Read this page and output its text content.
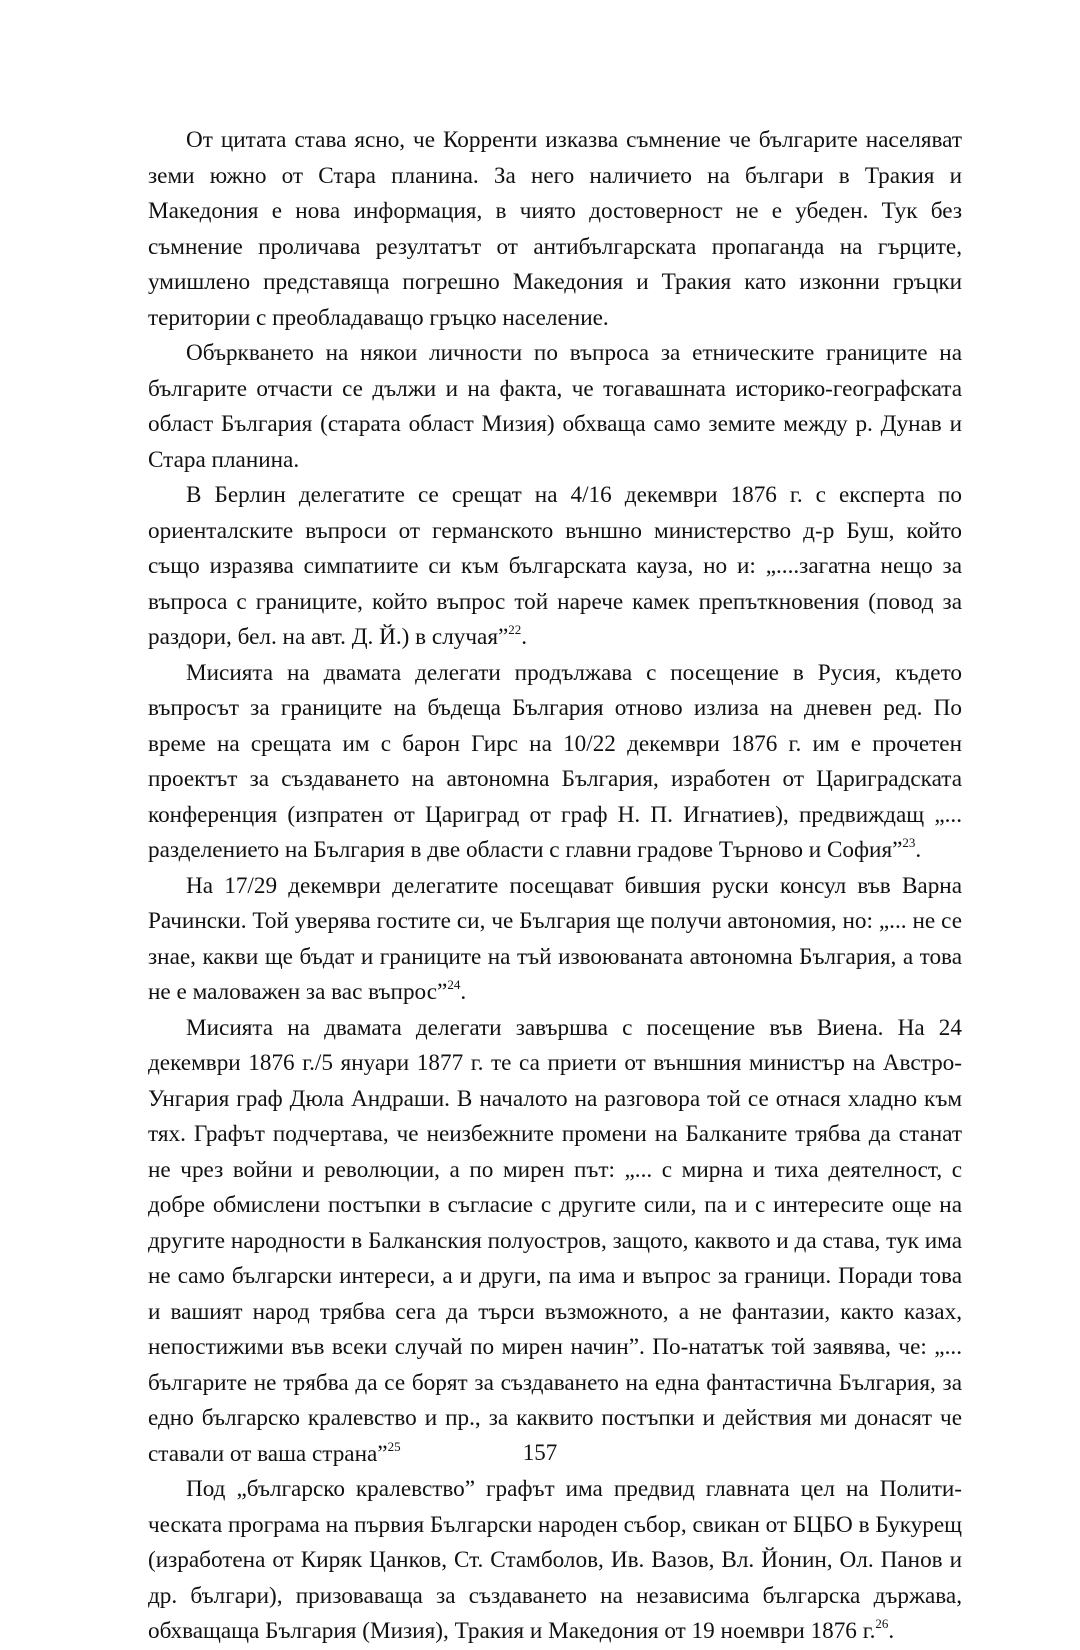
От цитата става ясно, че Корренти изказва съмнение че българите населяват земи южно от Стара планина. За него наличието на българи в Тракия и Македония е нова информация, в чиято достоверност не е убеден. Тук без съмнение проличава резултатът от антибългарската пропаганда на гърците, умишлено представяща погрешно Македония и Тракия като изконни гръцки територии с преобладаващо гръцко население.

Объркването на някои личности по въпроса за етническите границите на българите отчасти се дължи и на факта, че тогавашната историко-географската област България (старата област Мизия) обхваща само земите между р. Дунав и Стара планина.

В Берлин делегатите се срещат на 4/16 декември 1876 г. с експерта по ориенталските въпроси от германското външно министерство д-р Буш, който също изразява симпатиите си към българската кауза, но и: „....загатна нещо за въпроса с границите, който въпрос той нарече камек препъткновения (повод за раздори, бел. на авт. Д. Й.) в случая”$^{22}$.

Мисията на двамата делегати продължава с посещение в Русия, където въпросът за границите на бъдеща България отново излиза на дневен ред. По време на срещата им с барон Гирс на 10/22 декември 1876 г. им е прочетен проектът за създаването на автономна България, изработен от Цариградската конференция (изпратен от Цариград от граф Н. П. Игнатиев), предвиждащ „... разделението на България в две области с главни градове Търново и София”$^{23}$.

На 17/29 декември делегатите посещават бившия руски консул във Варна Рачински. Той уверява гостите си, че България ще получи автономия, но: „... не се знае, какви ще бъдат и границите на тъй извоюваната автономна България, а това не е маловажен за вас въпрос”$^{24}$.

Мисията на двамата делегати завършва с посещение във Виена. На 24 декември 1876 г./5 януари 1877 г. те са приети от външния министър на Австро-Унгария граф Дюла Андраши. В началото на разговора той се отнася хладно към тях. Графът подчертава, че неизбежните промени на Балканите трябва да станат не чрез войни и революции, а по мирен път: „... с мирна и тиха деятелност, с добре обмислени постъпки в съгласие с другите сили, па и с интересите още на другите народности в Балканския полуостров, защото, каквото и да става, тук има не само български интереси, а и други, па има и въпрос за граници. Поради това и вашият народ трябва сега да търси възможното, а не фантазии, както казах, непостижими във всеки случай по мирен начин”. По-нататък той заявява, че: „... българите не трябва да се борят за създаването на една фантастична България, за едно българско кралевство и пр., за каквито постъпки и действия ми донасят че ставали от ваша страна”$^{25}$

Под „българско кралевство” графът има предвид главната цел на Политическата програма на първия Български народен събор, свикан от БЦБО в Букурещ (изработена от Киряк Цанков, Ст. Стамболов, Ив. Вазов, Вл. Йонин, Ол. Панов и др. българи), призоваваща за създаването на независима българска държава, обхващаща България (Мизия), Тракия и Македония от 19 ноември 1876 г.$^{26}$.

157
